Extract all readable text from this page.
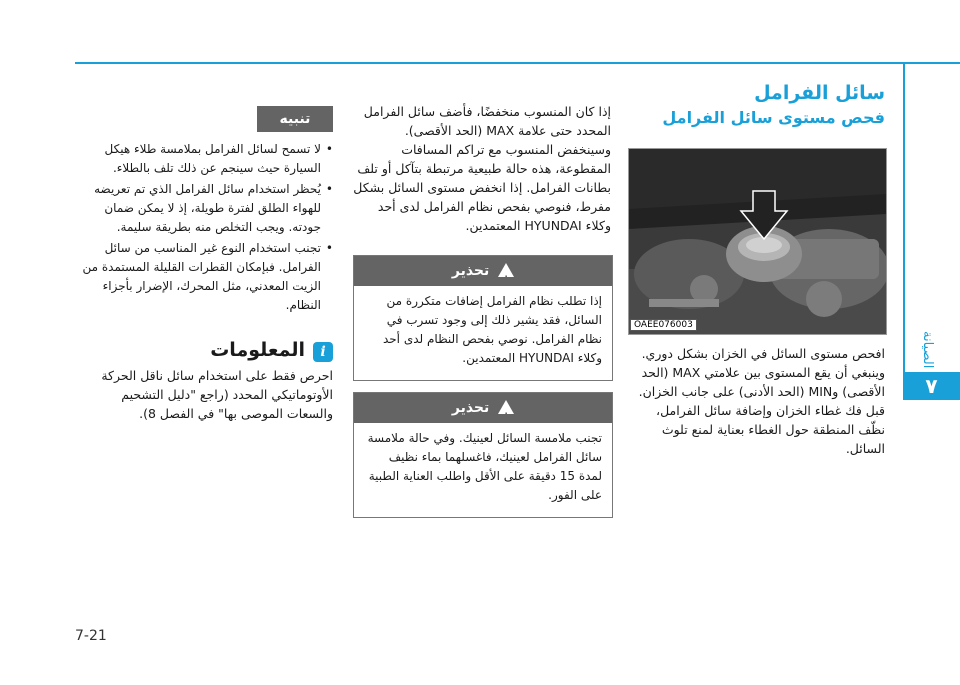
الصيانة
٧
سائل الفرامل
فحص مستوى سائل الفرامل
OAEE076003
افحص مستوى السائل في الخزان بشكل دوري. وينبغي أن يقع المستوى بين علامتي MAX (الحد الأقصى) وMIN (الحد الأدنى) على جانب الخزان. قبل فك غطاء الخزان وإضافة سائل الفرامل، نظّف المنطقة حول الغطاء بعناية لمنع تلوث السائل.
إذا كان المنسوب منخفضًا، فأضف سائل الفرامل المحدد حتى علامة MAX (الحد الأقصى). وسينخفض المنسوب مع تراكم المسافات المقطوعة، هذه حالة طبيعية مرتبطة بتآكل أو تلف بطانات الفرامل. إذا انخفض مستوى السائل بشكل مفرط، فنوصي بفحص نظام الفرامل لدى أحد وكلاء HYUNDAI المعتمدين.
! تحذير
إذا تطلب نظام الفرامل إضافات متكررة من السائل، فقد يشير ذلك إلى وجود تسرب في نظام الفرامل. نوصي بفحص النظام لدى أحد وكلاء HYUNDAI المعتمدين.
! تحذير
تجنب ملامسة السائل لعينيك. وفي حالة ملامسة سائل الفرامل لعينيك، فاغسلهما بماء نظيف لمدة 15 دقيقة على الأقل واطلب العناية الطبية على الفور.
تنبيه
• لا تسمح لسائل الفرامل بملامسة طلاء هيكل السيارة حيث سينجم عن ذلك تلف بالطلاء.
• يُحظر استخدام سائل الفرامل الذي تم تعريضه للهواء الطلق لفترة طويلة، إذ لا يمكن ضمان جودته. ويجب التخلص منه بطريقة سليمة.
• تجنب استخدام النوع غير المناسب من سائل الفرامل. فبإمكان القطرات القليلة المستمدة من الزيت المعدني، مثل المحرك، الإضرار بأجزاء النظام.
i
المعلومات
احرص فقط على استخدام سائل ناقل الحركة الأوتوماتيكي المحدد (راجع "دليل التشحيم والسعات الموصى بها" في الفصل 8).
7-21
